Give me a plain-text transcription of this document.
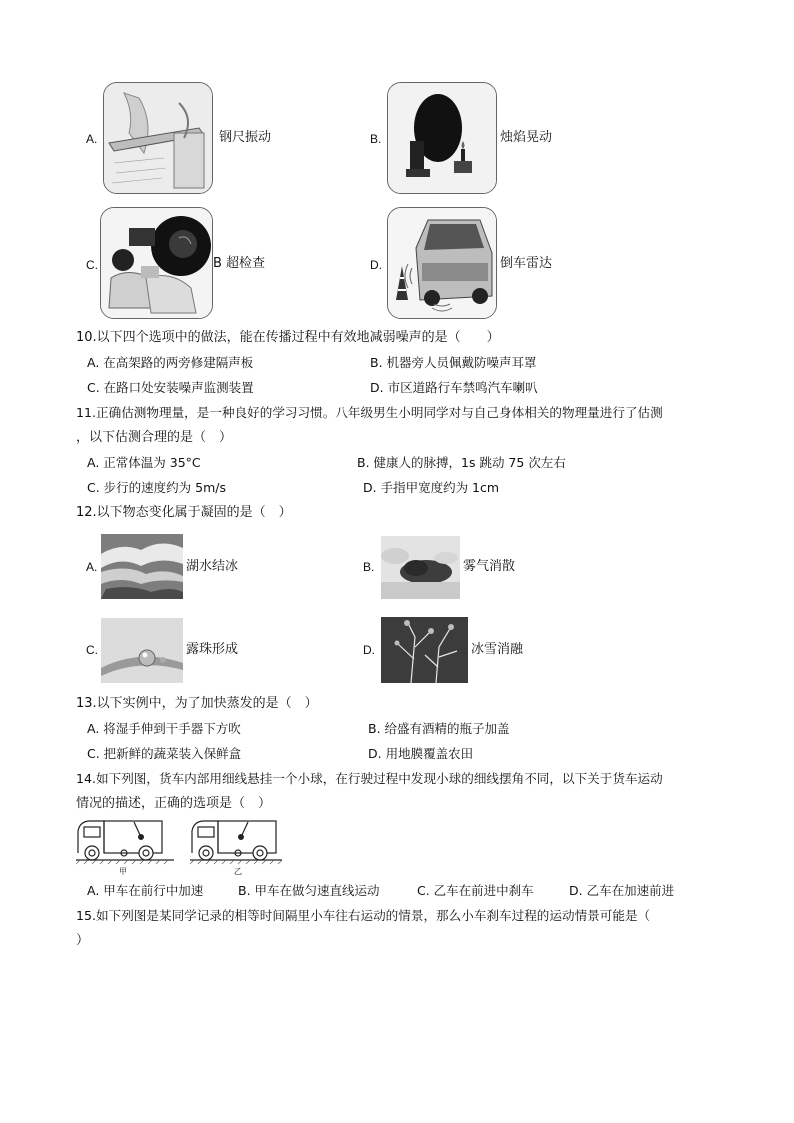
A.	钢尺振动	B.	烛焰晃动
C.	B 超检查	D.	倒车雷达
10.以下四个选项中的做法，能在传播过程中有效地减弱噪声的是（　　）
A. 在高架路的两旁修建隔声板	B. 机器旁人员佩戴防噪声耳罩
C. 在路口处安装噪声监测装置	D. 市区道路行车禁鸣汽车喇叭
11.正确估测物理量，是一种良好的学习习惯。八年级男生小明同学对与自己身体相关的物理量进行了估测
，以下估测合理的是（　）
A. 正常体温为 35°C	B. 健康人的脉搏，1s 跳动 75 次左右
C. 步行的速度约为 5m/s	D. 手指甲宽度约为 1cm
12.以下物态变化属于凝固的是（　）
A.	湖水结冰	B.	雾气消散
C.	露珠形成	D.	冰雪消融
13.以下实例中，为了加快蒸发的是（　）
A. 将湿手伸到干手器下方吹	B. 给盛有酒精的瓶子加盖
C. 把新鲜的蔬菜装入保鲜盒	D. 用地膜覆盖农田
14.如下列图，货车内部用细线悬挂一个小球，在行驶过程中发现小球的细线摆角不同，以下关于货车运动
情况的描述，正确的选项是（　）
甲	乙
A. 甲车在前行中加速	B. 甲车在做匀速直线运动	C. 乙车在前进中刹车	D. 乙车在加速前进
15.如下列图是某同学记录的相等时间隔里小车往右运动的情景，那么小车刹车过程的运动情景可能是（
）
